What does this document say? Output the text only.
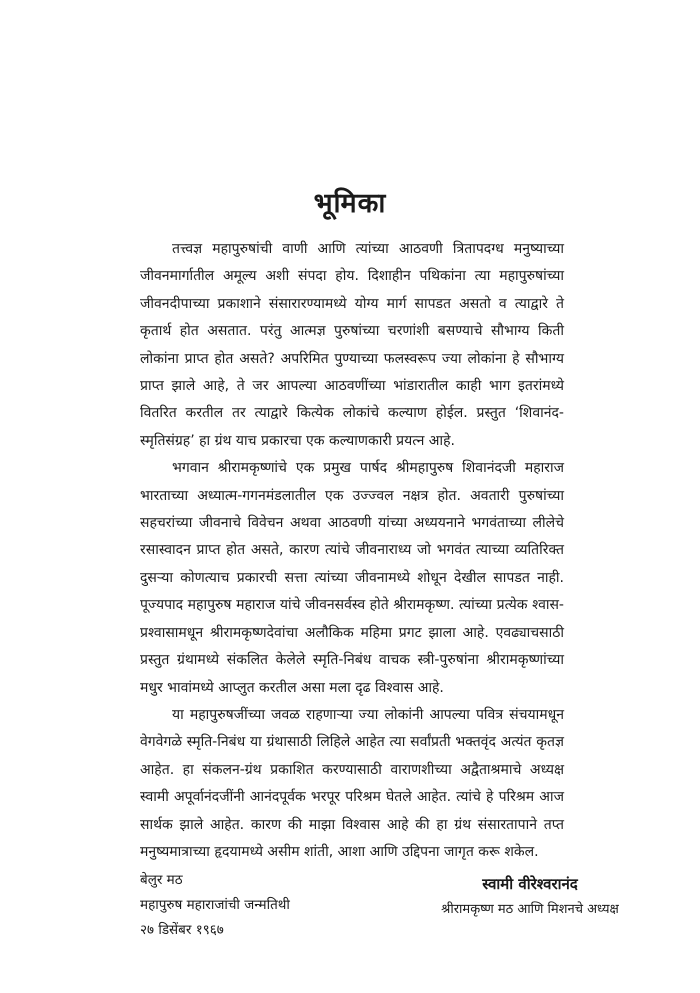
भूमिका

तत्त्वज्ञ महापुरुषांची वाणी आणि त्यांच्या आठवणी त्रितापदग्ध मनुष्याच्या जीवनमार्गातील अमूल्य अशी संपदा होय. दिशाहीन पथिकांना त्या महापुरुषांच्या जीवनदीपाच्या प्रकाशाने संसारारण्यामध्ये योग्य मार्ग सापडत असतो व त्याद्वारे ते कृतार्थ होत असतात. परंतु आत्मज्ञ पुरुषांच्या चरणांशी बसण्याचे सौभाग्य किती लोकांना प्राप्त होत असते? अपरिमित पुण्याच्या फलस्वरूप ज्या लोकांना हे सौभाग्य प्राप्त झाले आहे, ते जर आपल्या आठवणींच्या भांडारातील काही भाग इतरांमध्ये वितरित करतील तर त्याद्वारे कित्येक लोकांचे कल्याण होईल. प्रस्तुत ‘शिवानंद-स्मृतिसंग्रह’ हा ग्रंथ याच प्रकारचा एक कल्याणकारी प्रयत्न आहे.

भगवान श्रीरामकृष्णांचे एक प्रमुख पार्षद श्रीमहापुरुष शिवानंदजी महाराज भारताच्या अध्यात्म-गगनमंडलातील एक उज्ज्वल नक्षत्र होत. अवतारी पुरुषांच्या सहचरांच्या जीवनाचे विवेचन अथवा आठवणी यांच्या अध्ययनाने भगवंताच्या लीलेचे रसास्वादन प्राप्त होत असते, कारण त्यांचे जीवनाराध्य जो भगवंत त्याच्या व्यतिरिक्त दुसऱ्या कोणत्याच प्रकारची सत्ता त्यांच्या जीवनामध्ये शोधून देखील सापडत नाही. पूज्यपाद महापुरुष महाराज यांचे जीवनसर्वस्व होते श्रीरामकृष्ण. त्यांच्या प्रत्येक श्वास-प्रश्वासामधून श्रीरामकृष्णदेवांचा अलौकिक महिमा प्रगट झाला आहे. एवढ्याचसाठी प्रस्तुत ग्रंथामध्ये संकलित केलेले स्मृति-निबंध वाचक स्त्री-पुरुषांना श्रीरामकृष्णांच्या मधुर भावांमध्ये आप्लुत करतील असा मला दृढ विश्वास आहे.

या महापुरुषजींच्या जवळ राहणाऱ्या ज्या लोकांनी आपल्या पवित्र संचयामधून वेगवेगळे स्मृति-निबंध या ग्रंथासाठी लिहिले आहेत त्या सर्वांप्रती भक्तवृंद अत्यंत कृतज्ञ आहेत. हा संकलन-ग्रंथ प्रकाशित करण्यासाठी वाराणशीच्या अद्वैताश्रमाचे अध्यक्ष स्वामी अपूर्वानंदजींनी आनंदपूर्वक भरपूर परिश्रम घेतले आहेत. त्यांचे हे परिश्रम आज सार्थक झाले आहेत. कारण की माझा विश्वास आहे की हा ग्रंथ संसारतापाने तप्त मनुष्यमात्राच्या हृदयामध्ये असीम शांती, आशा आणि उद्दिपना जागृत करू शकेल.

बेलुर मठ
महापुरुष महाराजांची जन्मतिथी
२७ डिसेंबर १९६७
स्वामी वीरेश्वरानंद
श्रीरामकृष्ण मठ आणि मिशनचे अध्यक्ष
